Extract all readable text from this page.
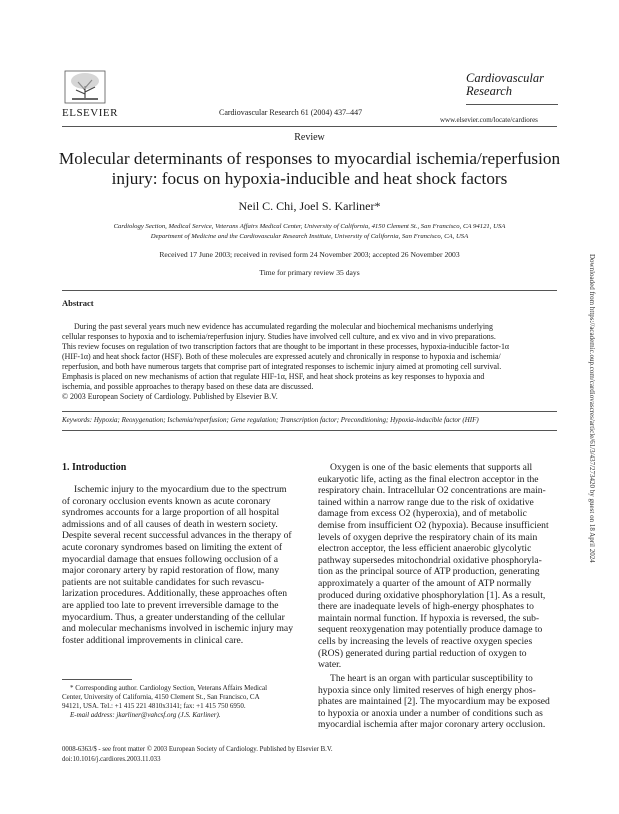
ELSEVIER	Cardiovascular Research 61 (2004) 437–447
Cardiovascular
Research
www.elsevier.com/locate/cardiores
Review
Molecular determinants of responses to myocardial ischemia/reperfusion
injury: focus on hypoxia-inducible and heat shock factors
Neil C. Chi, Joel S. Karliner*
Cardiology Section, Medical Service, Veterans Affairs Medical Center, University of California, 4150 Clement St., San Francisco, CA 94121, USA
Department of Medicine and the Cardiovascular Research Institute, University of California, San Francisco, CA, USA
Received 17 June 2003; received in revised form 24 November 2003; accepted 26 November 2003
Time for primary review 35 days
Abstract
During the past several years much new evidence has accumulated regarding the molecular and biochemical mechanisms underlying
cellular responses to hypoxia and to ischemia/reperfusion injury. Studies have involved cell culture, and ex vivo and in vivo preparations.
This review focuses on regulation of two transcription factors that are thought to be important in these processes, hypoxia-inducible factor-1α
(HIF-1α) and heat shock factor (HSF). Both of these molecules are expressed acutely and chronically in response to hypoxia and ischemia/
reperfusion, and both have numerous targets that comprise part of integrated responses to ischemic injury aimed at promoting cell survival.
Emphasis is placed on new mechanisms of action that regulate HIF-1α, HSF, and heat shock proteins as key responses to hypoxia and
ischemia, and possible approaches to therapy based on these data are discussed.
© 2003 European Society of Cardiology. Published by Elsevier B.V.
Keywords: Hypoxia; Reoxygenation; Ischemia/reperfusion; Gene regulation; Transcription factor; Preconditioning; Hypoxia-inducible factor (HIF)
1. Introduction
Ischemic injury to the myocardium due to the spectrum
of coronary occlusion events known as acute coronary
syndromes accounts for a large proportion of all hospital
admissions and of all causes of death in western society.
Despite several recent successful advances in the therapy of
acute coronary syndromes based on limiting the extent of
myocardial damage that ensues following occlusion of a
major coronary artery by rapid restoration of flow, many
patients are not suitable candidates for such revascu-
larization procedures. Additionally, these approaches often
are applied too late to prevent irreversible damage to the
myocardium. Thus, a greater understanding of the cellular
and molecular mechanisms involved in ischemic injury may
foster additional improvements in clinical care.
* Corresponding author. Cardiology Section, Veterans Affairs Medical
Center, University of California, 4150 Clement St., San Francisco, CA
94121, USA. Tel.: +1 415 221 4810x3141; fax: +1 415 750 6950.
E-mail address: jkarliner@vahcsf.org (J.S. Karliner).
Oxygen is one of the basic elements that supports all
eukaryotic life, acting as the final electron acceptor in the
respiratory chain. Intracellular O2 concentrations are main-
tained within a narrow range due to the risk of oxidative
damage from excess O2 (hyperoxia), and of metabolic
demise from insufficient O2 (hypoxia). Because insufficient
levels of oxygen deprive the respiratory chain of its main
electron acceptor, the less efficient anaerobic glycolytic
pathway supersedes mitochondrial oxidative phosphoryla-
tion as the principal source of ATP production, generating
approximately a quarter of the amount of ATP normally
produced during oxidative phosphorylation [1]. As a result,
there are inadequate levels of high-energy phosphates to
maintain normal function. If hypoxia is reversed, the sub-
sequent reoxygenation may potentially produce damage to
cells by increasing the levels of reactive oxygen species
(ROS) generated during partial reduction of oxygen to
water.
The heart is an organ with particular susceptibility to
hypoxia since only limited reserves of high energy phos-
phates are maintained [2]. The myocardium may be exposed
to hypoxia or anoxia under a number of conditions such as
myocardial ischemia after major coronary artery occlusion.
0008-6363/$ - see front matter © 2003 European Society of Cardiology. Published by Elsevier B.V.
doi:10.1016/j.cardiores.2003.11.033
Downloaded from https://academic.oup.com/cardiovascres/article/61/3/437/273420 by guest on 18 April 2024
